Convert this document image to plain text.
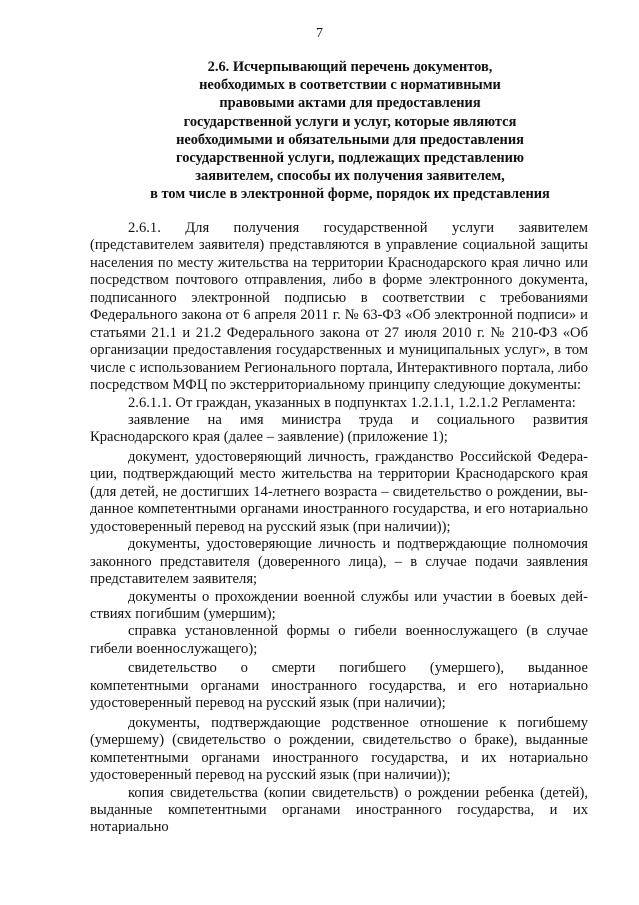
7
2.6. Исчерпывающий перечень документов,
необходимых в соответствии с нормативными
правовыми актами для предоставления
государственной услуги и услуг, которые являются
необходимыми и обязательными для предоставления
государственной услуги, подлежащих представлению
заявителем, способы их получения заявителем,
в том числе в электронной форме, порядок их представления

2.6.1. Для получения государственной услуги заявителем (представителем заявителя) представляются в управление социальной защиты населения по месту жительства на территории Краснодарского края лично или посредством почтового отправления, либо в форме электронного документа, подписанного электронной подписью в соответствии с требованиями Федерального закона от 6 апреля 2011 г. № 63-ФЗ «Об электронной подписи» и статьями 21.1 и 21.2 Федерального закона от 27 июля 2010 г. № 210-ФЗ «Об организации предоставления государственных и муниципальных услуг», в том числе с использованием Регионального портала, Интерактивного портала, либо посредством МФЦ по экстерриториальному принципу следующие документы:

2.6.1.1. От граждан, указанных в подпунктах 1.2.1.1, 1.2.1.2 Регламента:

заявление на имя министра труда и социального развития Краснодарского края (далее – заявление) (приложение 1);

документ, удостоверяющий личность, гражданство Российской Федерации, подтверждающий место жительства на территории Краснодарского края (для детей, не достигших 14-летнего возраста – свидетельство о рождении, выданное компетентными органами иностранного государства, и его нотариально удостоверенный перевод на русский язык (при наличии));

документы, удостоверяющие личность и подтверждающие полномочия законного представителя (доверенного лица), – в случае подачи заявления представителем заявителя;

документы о прохождении военной службы или участии в боевых действиях погибшим (умершим);

справка установленной формы о гибели военнослужащего (в случае гибели военнослужащего);

свидетельство о смерти погибшего (умершего), выданное компетентными органами иностранного государства, и его нотариально удостоверенный перевод на русский язык (при наличии);

документы, подтверждающие родственное отношение к погибшему (умершему) (свидетельство о рождении, свидетельство о браке), выданные компетентными органами иностранного государства, и их нотариально удостоверенный перевод на русский язык (при наличии));

копия свидетельства (копии свидетельств) о рождении ребенка (детей), выданные компетентными органами иностранного государства, и их нотариально
